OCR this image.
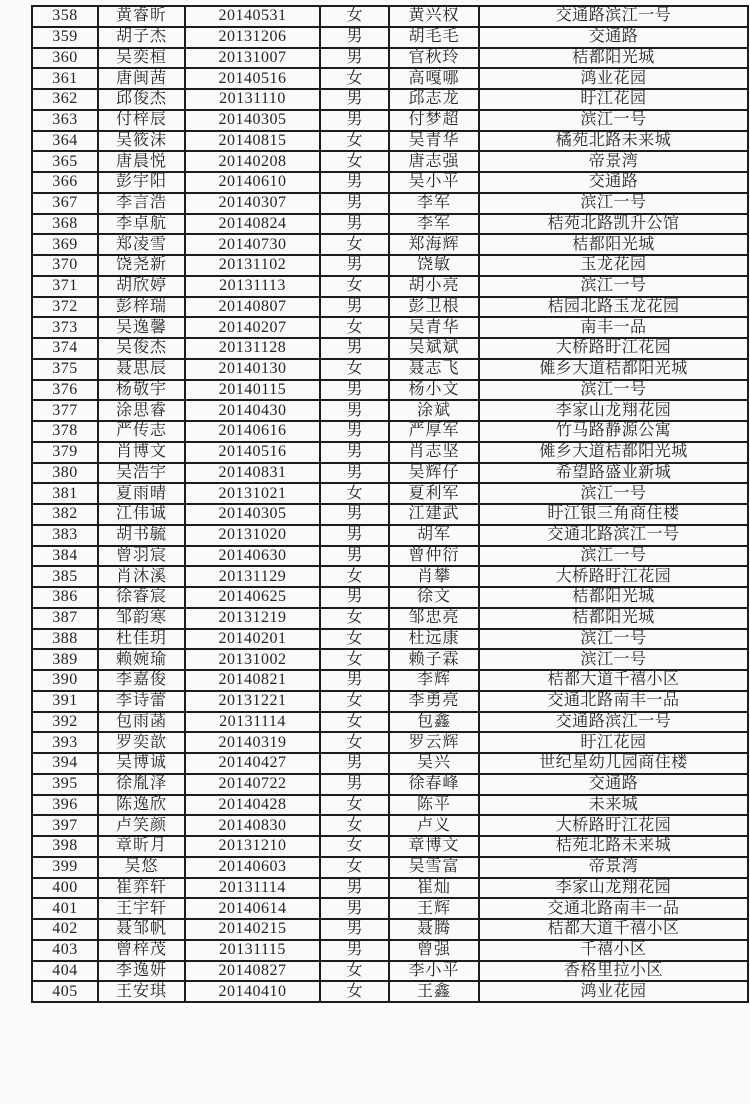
358	黄睿昕	20140531	女	黄兴权	交通路滨江一号
359	胡子杰	20131206	男	胡毛毛	交通路
360	吴奕桓	20131007	男	官秋玲	桔都阳光城
361	唐闽茜	20140516	女	高嘎哪	鸿业花园
362	邱俊杰	20131110	男	邱志龙	盱江花园
363	付梓辰	20140305	男	付梦超	滨江一号
364	吴筱沫	20140815	女	吴青华	橘苑北路未来城
365	唐晨悦	20140208	女	唐志强	帝景湾
366	彭宇阳	20140610	男	吴小平	交通路
367	李言浩	20140307	男	李军	滨江一号
368	李卓航	20140824	男	李军	桔苑北路凯升公馆
369	郑凌雪	20140730	女	郑海辉	桔都阳光城
370	饶尧新	20131102	男	饶敏	玉龙花园
371	胡欣婷	20131113	女	胡小亮	滨江一号
372	彭梓瑞	20140807	男	彭卫根	桔园北路玉龙花园
373	吴逸馨	20140207	女	吴青华	南丰一品
374	吴俊杰	20131128	男	吴斌斌	大桥路盱江花园
375	聂思辰	20140130	女	聂志飞	傩乡大道桔都阳光城
376	杨敬宇	20140115	男	杨小文	滨江一号
377	涂思睿	20140430	男	涂斌	李家山龙翔花园
378	严传志	20140616	男	严厚军	竹马路静源公寓
379	肖博文	20140516	男	肖志坚	傩乡大道桔都阳光城
380	吴浩宇	20140831	男	吴辉仔	希望路盛业新城
381	夏雨晴	20131021	女	夏利军	滨江一号
382	江伟诚	20140305	男	江建武	盱江银三角商住楼
383	胡书毓	20131020	男	胡军	交通北路滨江一号
384	曾羽宸	20140630	男	曾仲衍	滨江一号
385	肖沐溪	20131129	女	肖攀	大桥路盱江花园
386	徐睿宸	20140625	男	徐文	桔都阳光城
387	邹韵寒	20131219	女	邹忠亮	桔都阳光城
388	杜佳玥	20140201	女	杜远康	滨江一号
389	赖婉瑜	20131002	女	赖子霖	滨江一号
390	李嘉俊	20140821	男	李辉	桔都大道千禧小区
391	李诗蕾	20131221	女	李勇亮	交通北路南丰一品
392	包雨菡	20131114	女	包鑫	交通路滨江一号
393	罗奕歆	20140319	女	罗云辉	盱江花园
394	吴博诚	20140427	男	吴兴	世纪星幼儿园商住楼
395	徐胤泽	20140722	男	徐春峰	交通路
396	陈逸欣	20140428	女	陈平	未来城
397	卢笑颜	20140830	女	卢义	大桥路盱江花园
398	章昕月	20131210	女	章博文	桔苑北路未来城
399	吴悠	20140603	女	吴雪富	帝景湾
400	崔弈轩	20131114	男	崔灿	李家山龙翔花园
401	王宇轩	20140614	男	王辉	交通北路南丰一品
402	聂邹帆	20140215	男	聂腾	桔都大道千禧小区
403	曾梓茂	20131115	男	曾强	千禧小区
404	李逸妍	20140827	女	李小平	香格里拉小区
405	王安琪	20140410	女	王鑫	鸿业花园
